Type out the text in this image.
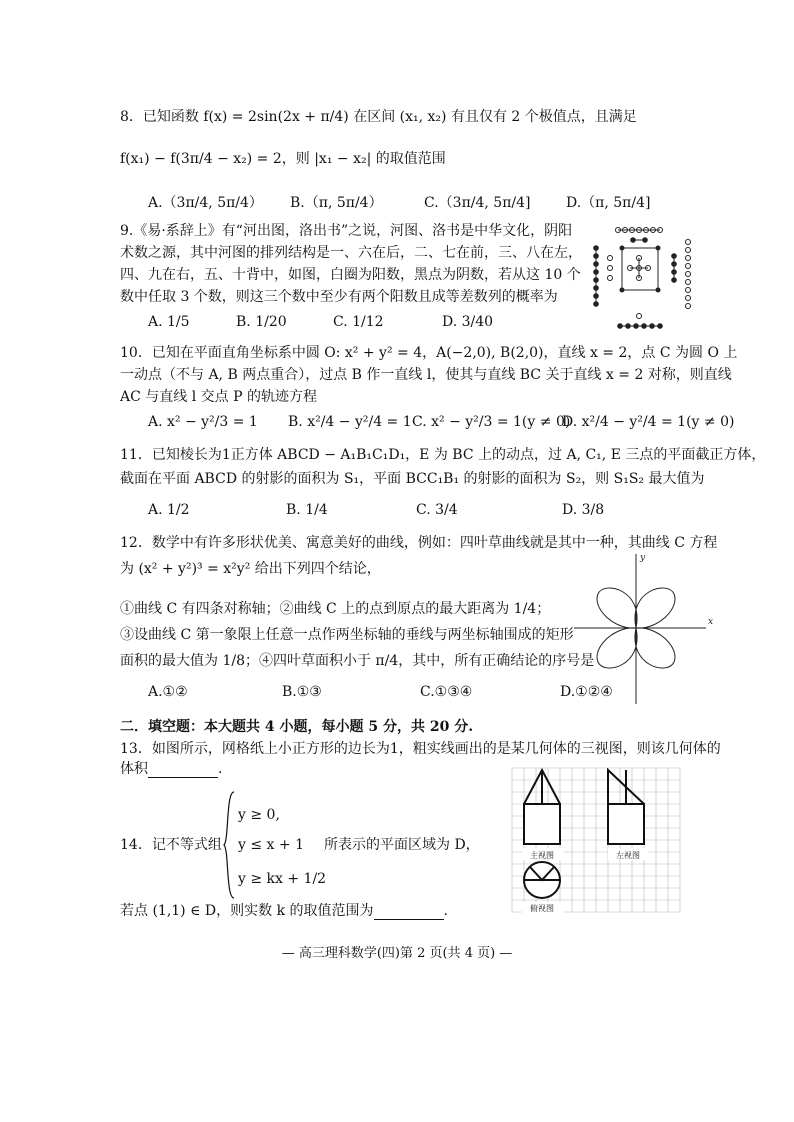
8．已知函数 f(x) = 2sin(2x + π/4) 在区间 (x₁, x₂) 有且仅有 2 个极值点，且满足
f(x₁) − f(3π/4 − x₂) = 2，则 |x₁ − x₂| 的取值范围
A.（3π/4, 5π/4） B.（π, 5π/4）	C.（3π/4, 5π/4]	D.（π, 5π/4]
9.《易·系辞上》有“河出图，洛出书”之说，河图、洛书是中华文化，阴阳
术数之源，其中河图的排列结构是一、六在后，二、七在前，三、八在左，
四、九在右，五、十背中，如图，白圈为阳数，黑点为阴数，若从这 10 个
数中任取 3 个数，则这三个数中至少有两个阳数且成等差数列的概率为
A. 1/5	B. 1/20	C. 1/12	D. 3/40
10．已知在平面直角坐标系中圆 O: x² + y² = 4，A(−2,0), B(2,0)，直线 x = 2，点 C 为圆 O 上
一动点（不与 A, B 两点重合），过点 B 作一直线 l，使其与直线 BC 关于直线 x = 2 对称，则直线
AC 与直线 l 交点 P 的轨迹方程
A. x² − y²/3 = 1 B. x²/4 − y²/4 = 1 C. x² − y²/3 = 1(y ≠ 0)
D. x²/4 − y²/4 = 1(y ≠ 0)
11．已知棱长为1正方体 ABCD − A₁B₁C₁D₁，E 为 BC 上的动点，过 A, C₁, E 三点的平面截正方体，
截面在平面 ABCD 的射影的面积为 S₁，平面 BCC₁B₁ 的射影的面积为 S₂，则 S₁S₂ 最大值为
A. 1/2	B. 1/4	C. 3/4	D. 3/8
12．数学中有许多形状优美、寓意美好的曲线，例如：四叶草曲线就是其中一种，其曲线 C 方程
为 (x² + y²)³ = x²y² 给出下列四个结论，
①曲线 C 有四条对称轴；②曲线 C 上的点到原点的最大距离为 1/4；
③设曲线 C 第一象限上任意一点作两坐标轴的垂线与两坐标轴围成的矩形
面积的最大值为 1/8；④四叶草面积小于 π/4，其中，所有正确结论的序号是
A.①②	B.①③	C.①③④	D.①②④
x
y
二．填空题：本大题共 4 小题，每小题 5 分，共 20 分.
13．如图所示，网格纸上小正方形的边长为1，粗实线画出的是某几何体的三视图，则该几何体的
体积	.
主视图	左视图
俯视图
14．记不等式组
y ≥ 0,
y ≤ x + 1
y ≥ kx + 1/2
所表示的平面区域为 D，
若点 (1,1) ∈ D，则实数 k 的取值范围为	.
— 高三理科数学(四)第 2 页(共 4 页) —
